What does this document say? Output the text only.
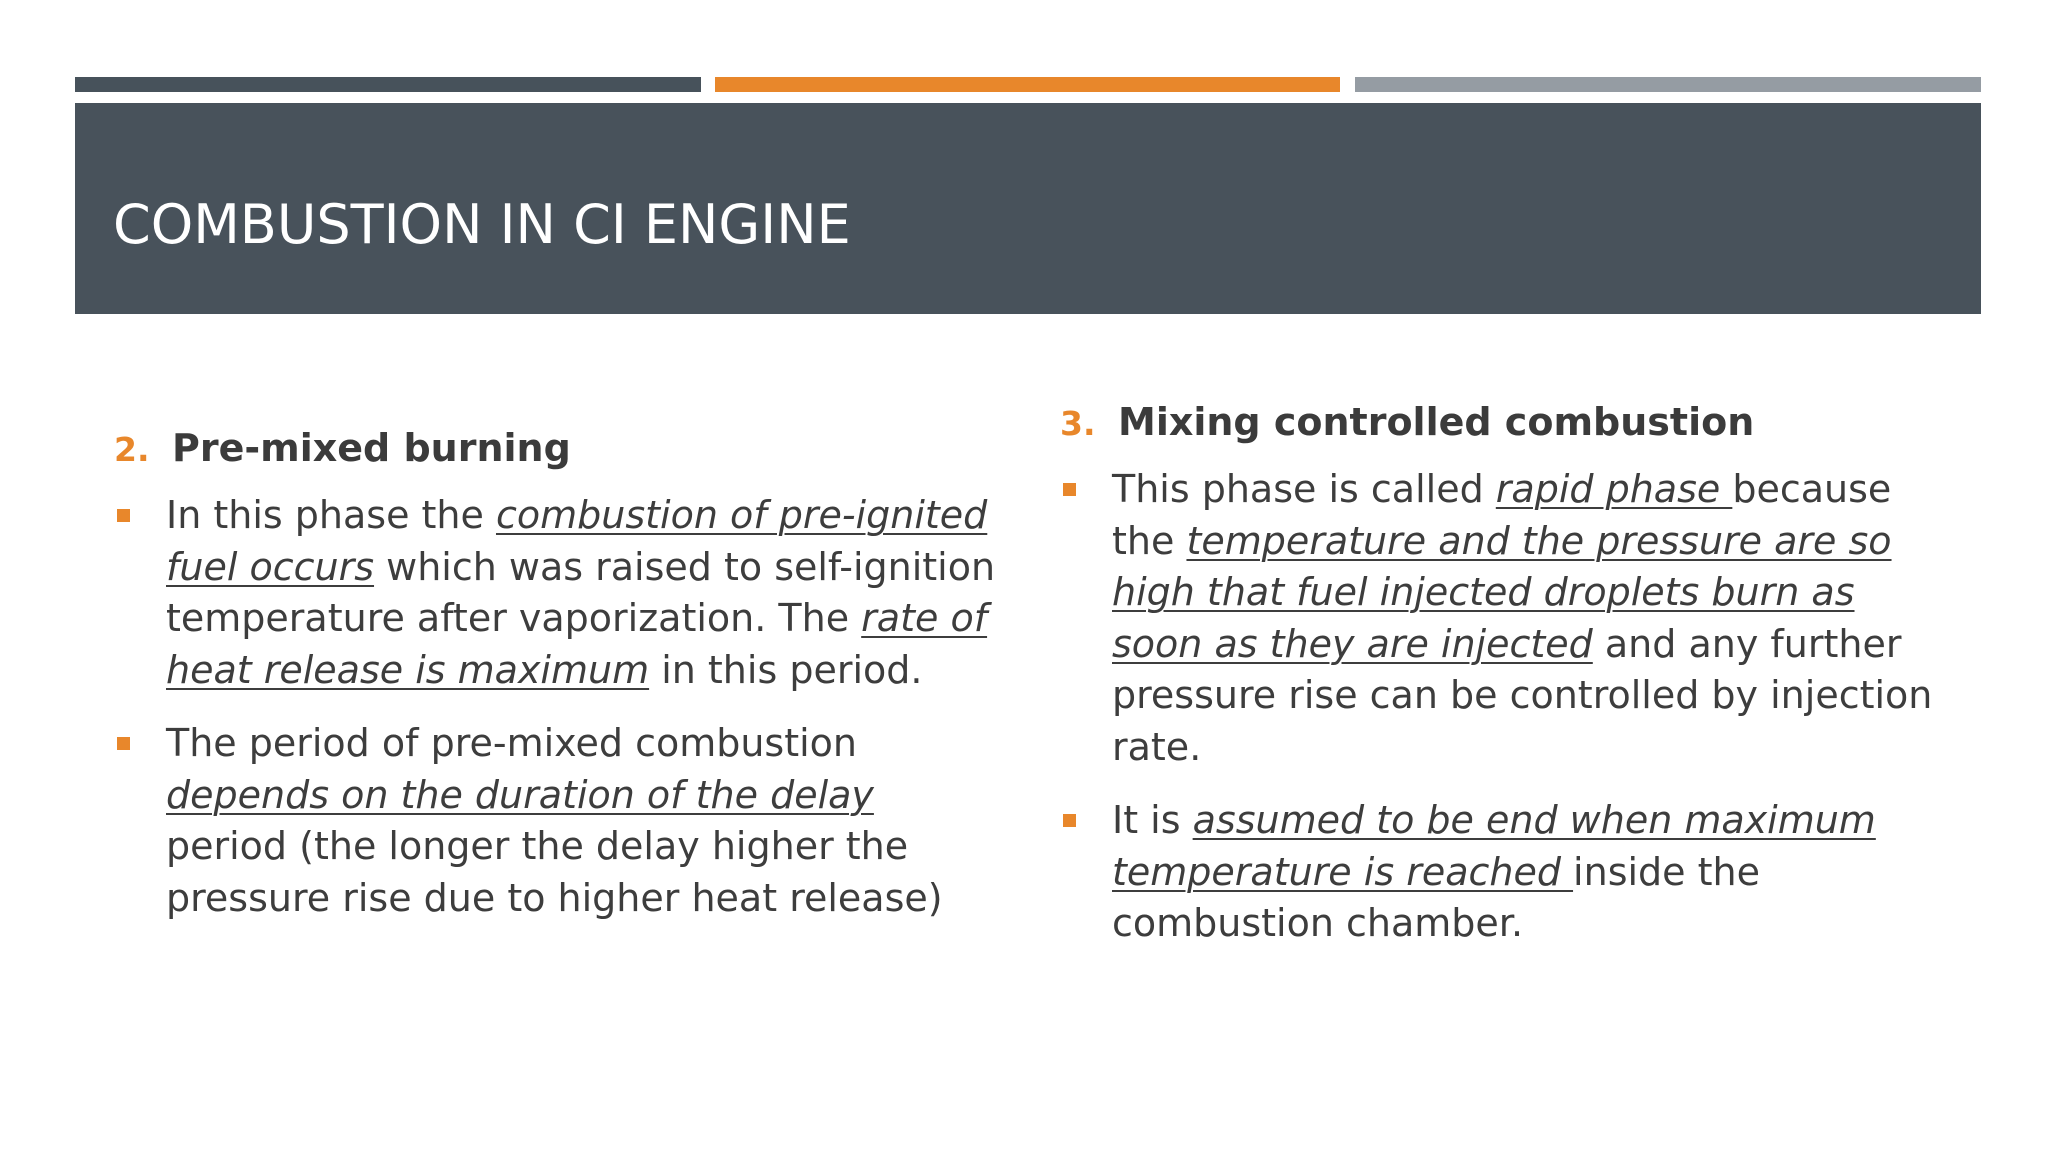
COMBUSTION IN CI ENGINE
2. Pre-mixed burning
In this phase the combustion of pre-ignited
fuel occurs which was raised to self-ignition
temperature after vaporization. The rate of
heat release is maximum in this period.
The period of pre-mixed combustion
depends on the duration of the delay
period (the longer the delay higher the
pressure rise due to higher heat release)
3. Mixing controlled combustion
This phase is called rapid phase because
the temperature and the pressure are so
high that fuel injected droplets burn as
soon as they are injected and any further
pressure rise can be controlled by injection
rate.
It is assumed to be end when maximum
temperature is reached inside the
combustion chamber.
